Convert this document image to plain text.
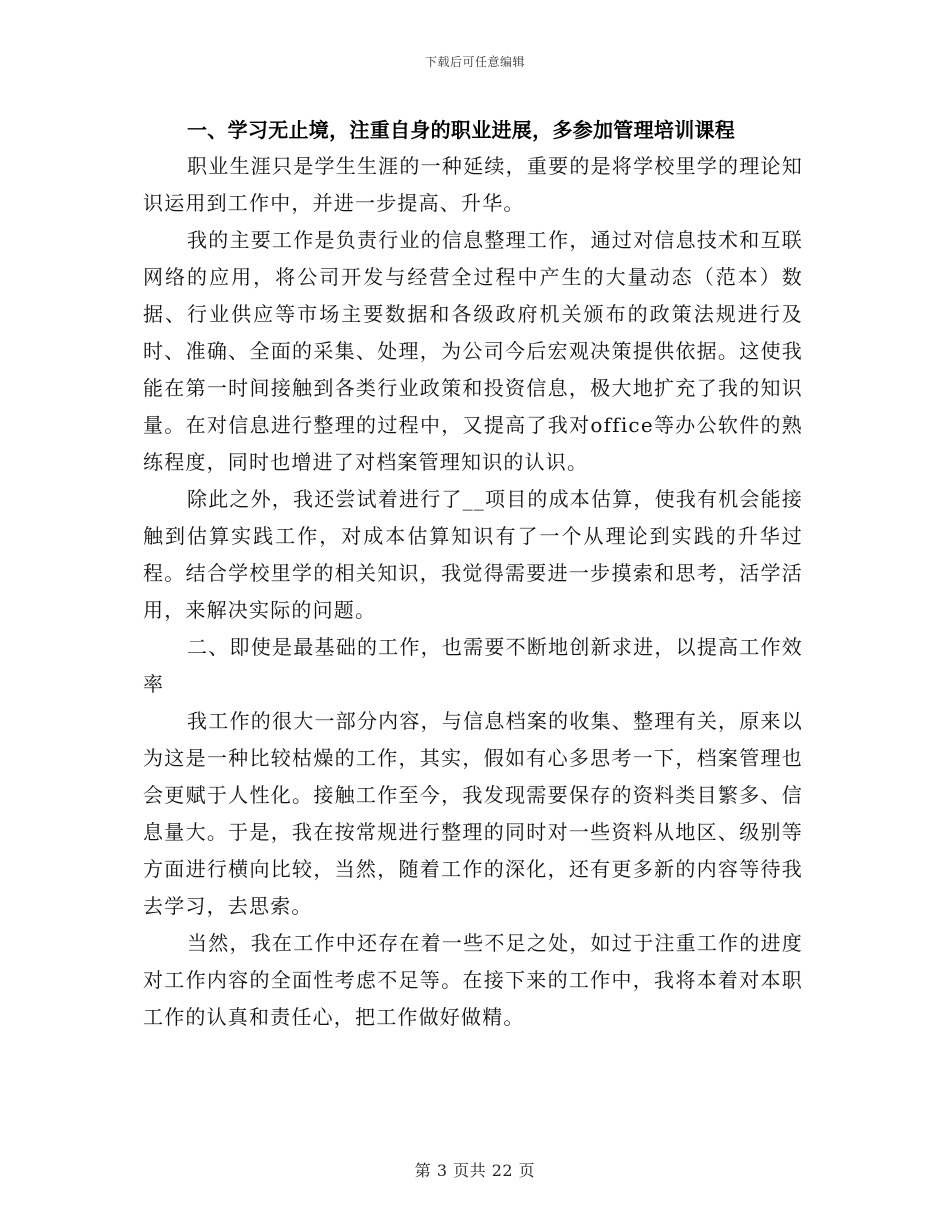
下载后可任意编辑

一、学习无止境，注重自身的职业进展，多参加管理培训课程

职业生涯只是学生生涯的一种延续，重要的是将学校里学的理论知识运用到工作中，并进一步提高、升华。

我的主要工作是负责行业的信息整理工作，通过对信息技术和互联网络的应用，将公司开发与经营全过程中产生的大量动态（范本）数据、行业供应等市场主要数据和各级政府机关颁布的政策法规进行及时、准确、全面的采集、处理，为公司今后宏观决策提供依据。这使我能在第一时间接触到各类行业政策和投资信息，极大地扩充了我的知识量。在对信息进行整理的过程中，又提高了我对office等办公软件的熟练程度，同时也增进了对档案管理知识的认识。

除此之外，我还尝试着进行了__项目的成本估算，使我有机会能接触到估算实践工作，对成本估算知识有了一个从理论到实践的升华过程。结合学校里学的相关知识，我觉得需要进一步摸索和思考，活学活用，来解决实际的问题。

二、即使是最基础的工作，也需要不断地创新求进，以提高工作效率

我工作的很大一部分内容，与信息档案的收集、整理有关，原来以为这是一种比较枯燥的工作，其实，假如有心多思考一下，档案管理也会更赋于人性化。接触工作至今，我发现需要保存的资料类目繁多、信息量大。于是，我在按常规进行整理的同时对一些资料从地区、级别等方面进行横向比较，当然，随着工作的深化，还有更多新的内容等待我去学习，去思索。

当然，我在工作中还存在着一些不足之处，如过于注重工作的进度对工作内容的全面性考虑不足等。在接下来的工作中，我将本着对本职工作的认真和责任心，把工作做好做精。

第 3 页共 22 页
